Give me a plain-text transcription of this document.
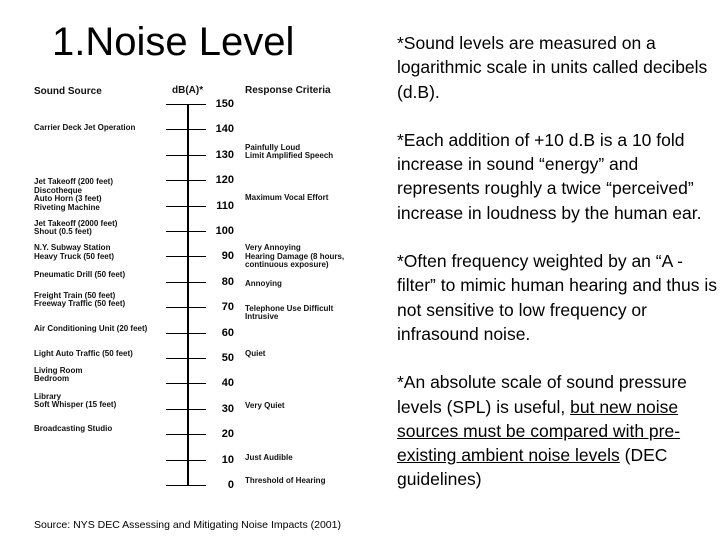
1.Noise Level
Sound Source	dB(A)*	Response Criteria
150
140
130
120
110
100
90
80
70
60
50
40
30
20
10
0
Carrier Deck Jet Operation
Jet Takeoff (200 feet)
Discotheque
Auto Horn (3 feet)
Riveting Machine
Jet Takeoff (2000 feet)
Shout (0.5 feet)
N.Y. Subway Station
Heavy Truck (50 feet)
Pneumatic Drill (50 feet)
Freight Train (50 feet)
Freeway Traffic (50 feet)
Air Conditioning Unit (20 feet)
Light Auto Traffic (50 feet)
Living Room
Bedroom
Library
Soft Whisper (15 feet)
Broadcasting Studio
Painfully Loud
Limit Amplified Speech
Maximum Vocal Effort
Very Annoying
Hearing Damage (8 hours,
continuous exposure)
Annoying
Telephone Use Difficult
Intrusive
Quiet
Very Quiet
Just Audible
Threshold of Hearing

*Sound levels are measured on a logarithmic scale in units called decibels (d.B).

*Each addition of +10 d.B is a 10 fold increase in sound “energy” and represents roughly a twice “perceived” increase in loudness by the human ear.

*Often frequency weighted by an “A -filter” to mimic human hearing and thus is not sensitive to low frequency or infrasound noise.

*An absolute scale of sound pressure levels (SPL) is useful, but new noise sources must be compared with pre-existing ambient noise levels (DEC guidelines)

Source: NYS DEC Assessing and Mitigating Noise Impacts (2001)
